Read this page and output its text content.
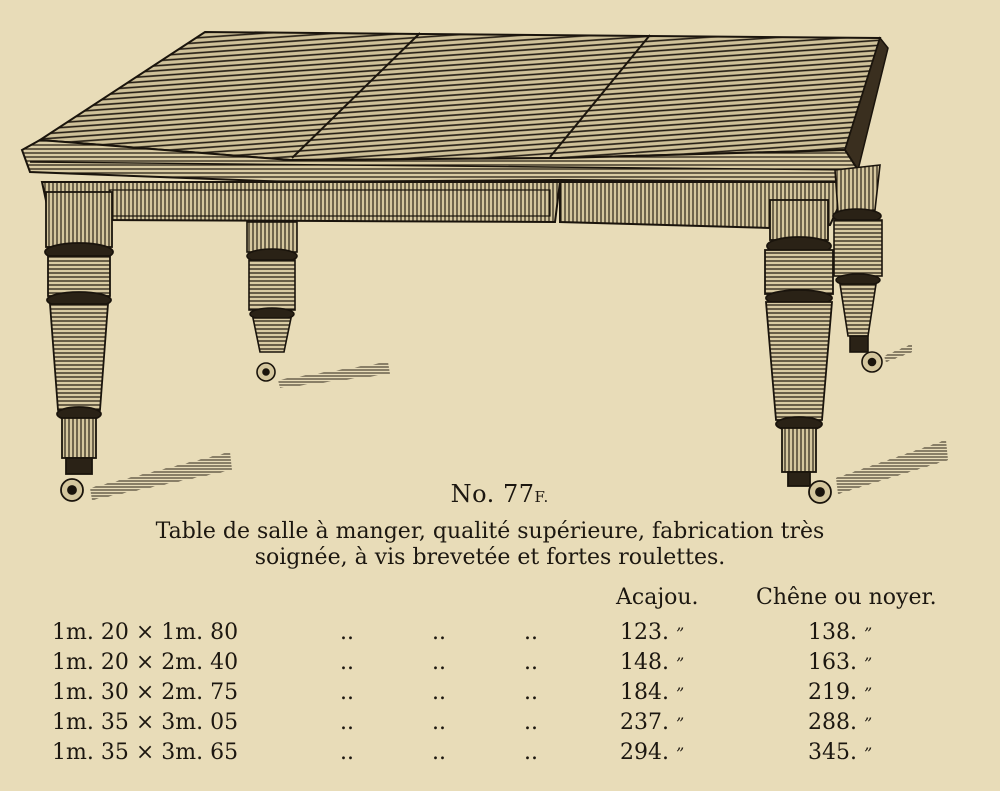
No. 77F.
Table de salle à manger, qualité supérieure, fabrication très
soignée, à vis brevetée et fortes roulettes.
Acajou.	Chêne ou noyer.
1m. 20 × 1m. 80	..	..	..	123. ”	138. ”
1m. 20 × 2m. 40	..	..	..	148. ”	163. ”
1m. 30 × 2m. 75	..	..	..	184. ”	219. ”
1m. 35 × 3m. 05	..	..	..	237. ”	288. ”
1m. 35 × 3m. 65	..	..	..	294. ”	345. ”
